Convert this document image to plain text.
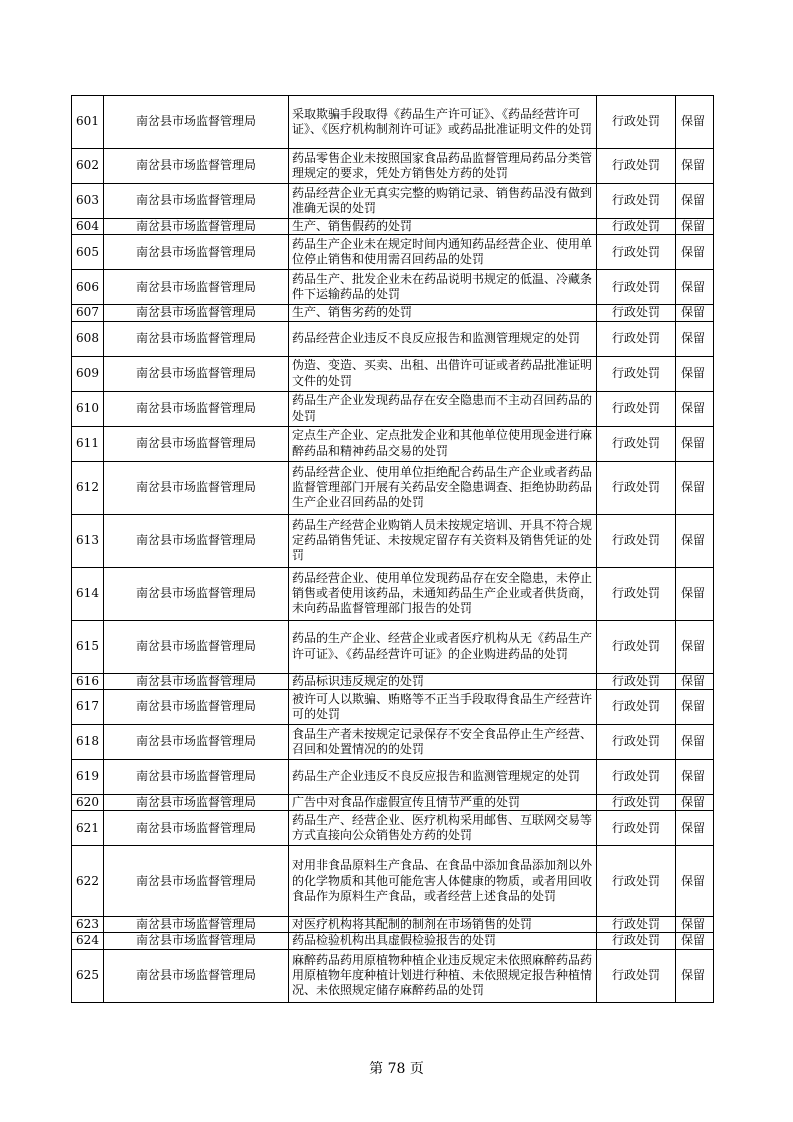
601	南岔县市场监督管理局	采取欺骗手段取得《药品生产许可证》、《药品经营许可证》、《医疗机构制剂许可证》或药品批准证明文件的处罚	行政处罚	保留
602	南岔县市场监督管理局	药品零售企业未按照国家食品药品监督管理局药品分类管理规定的要求，凭处方销售处方药的处罚	行政处罚	保留
603	南岔县市场监督管理局	药品经营企业无真实完整的购销记录、销售药品没有做到准确无误的处罚	行政处罚	保留
604	南岔县市场监督管理局	生产、销售假药的处罚	行政处罚	保留
605	南岔县市场监督管理局	药品生产企业未在规定时间内通知药品经营企业、使用单位停止销售和使用需召回药品的处罚	行政处罚	保留
606	南岔县市场监督管理局	药品生产、批发企业未在药品说明书规定的低温、冷藏条件下运输药品的处罚	行政处罚	保留
607	南岔县市场监督管理局	生产、销售劣药的处罚	行政处罚	保留
608	南岔县市场监督管理局	药品经营企业违反不良反应报告和监测管理规定的处罚	行政处罚	保留
609	南岔县市场监督管理局	伪造、变造、买卖、出租、出借许可证或者药品批准证明文件的处罚	行政处罚	保留
610	南岔县市场监督管理局	药品生产企业发现药品存在安全隐患而不主动召回药品的处罚	行政处罚	保留
611	南岔县市场监督管理局	定点生产企业、定点批发企业和其他单位使用现金进行麻醉药品和精神药品交易的处罚	行政处罚	保留
612	南岔县市场监督管理局	药品经营企业、使用单位拒绝配合药品生产企业或者药品监督管理部门开展有关药品安全隐患调查、拒绝协助药品生产企业召回药品的处罚	行政处罚	保留
613	南岔县市场监督管理局	药品生产经营企业购销人员未按规定培训、开具不符合规定药品销售凭证、未按规定留存有关资料及销售凭证的处罚	行政处罚	保留
614	南岔县市场监督管理局	药品经营企业、使用单位发现药品存在安全隐患，未停止销售或者使用该药品，未通知药品生产企业或者供货商，未向药品监督管理部门报告的处罚	行政处罚	保留
615	南岔县市场监督管理局	药品的生产企业、经营企业或者医疗机构从无《药品生产许可证》、《药品经营许可证》的企业购进药品的处罚	行政处罚	保留
616	南岔县市场监督管理局	药品标识违反规定的处罚	行政处罚	保留
617	南岔县市场监督管理局	被许可人以欺骗、贿赂等不正当手段取得食品生产经营许可的处罚	行政处罚	保留
618	南岔县市场监督管理局	食品生产者未按规定记录保存不安全食品停止生产经营、召回和处置情况的的处罚	行政处罚	保留
619	南岔县市场监督管理局	药品生产企业违反不良反应报告和监测管理规定的处罚	行政处罚	保留
620	南岔县市场监督管理局	广告中对食品作虚假宣传且情节严重的处罚	行政处罚	保留
621	南岔县市场监督管理局	药品生产、经营企业、医疗机构采用邮售、互联网交易等方式直接向公众销售处方药的处罚	行政处罚	保留
622	南岔县市场监督管理局	对用非食品原料生产食品、在食品中添加食品添加剂以外的化学物质和其他可能危害人体健康的物质，或者用回收食品作为原料生产食品，或者经营上述食品的处罚	行政处罚	保留
623	南岔县市场监督管理局	对医疗机构将其配制的制剂在市场销售的处罚	行政处罚	保留
624	南岔县市场监督管理局	药品检验机构出具虚假检验报告的处罚	行政处罚	保留
625	南岔县市场监督管理局	麻醉药品药用原植物种植企业违反规定未依照麻醉药品药用原植物年度种植计划进行种植、未依照规定报告种植情况、未依照规定储存麻醉药品的处罚	行政处罚	保留
第 78 页
